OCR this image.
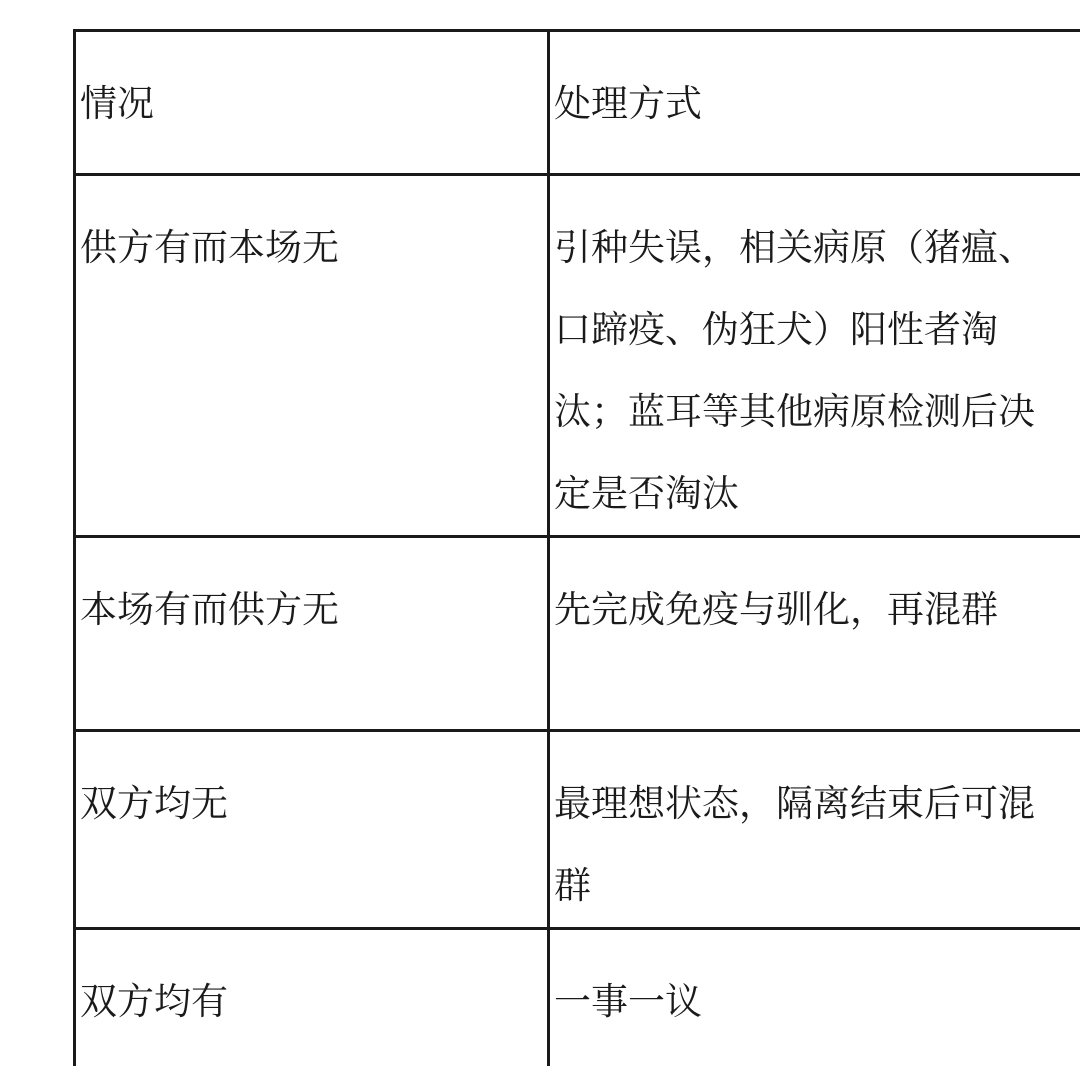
情况	处理方式

供方有而本场无	引种失误，相关病原（猪瘟、口蹄疫、伪狂犬）阳性者淘汰；蓝耳等其他病原检测后决定是否淘汰

本场有而供方无	先完成免疫与驯化，再混群

双方均无	最理想状态，隔离结束后可混群

双方均有	一事一议
